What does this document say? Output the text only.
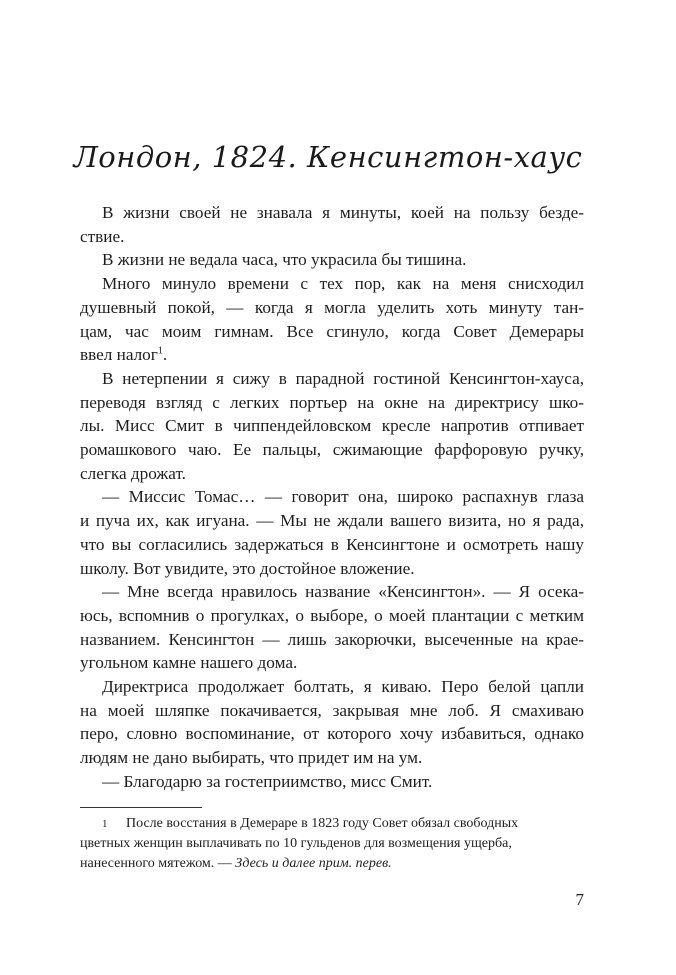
Лондон, 1824. Кенсингтон-хаус

В жизни своей не знавала я минуты, коей на пользу безде-
ствие.

В жизни не ведала часа, что украсила бы тишина.

Много минуло времени с тех пор, как на меня снисходил
душевный покой, — когда я могла уделить хоть минуту тан-
цам, час моим гимнам. Все сгинуло, когда Совет Демерары
ввел налог$^1$.

В нетерпении я сижу в парадной гостиной Кенсингтон-хауса,
переводя взгляд с легких портьер на окне на директрису шко-
лы. Мисс Смит в чиппендейловском кресле напротив отпивает
ромашкового чаю. Ее пальцы, сжимающие фарфоровую ручку,
слегка дрожат.

— Миссис Томас… — говорит она, широко распахнув глаза
и пуча их, как игуана. — Мы не ждали вашего визита, но я рада,
что вы согласились задержаться в Кенсингтоне и осмотреть нашу
школу. Вот увидите, это достойное вложение.

— Мне всегда нравилось название «Кенсингтон». — Я осека-
юсь, вспомнив о прогулках, о выборе, о моей плантации с метким
названием. Кенсингтон — лишь закорючки, высеченные на крае-
угольном камне нашего дома.

Директриса продолжает болтать, я киваю. Перо белой цапли
на моей шляпке покачивается, закрывая мне лоб. Я смахиваю
перо, словно воспоминание, от которого хочу избавиться, однако
людям не дано выбирать, что придет им на ум.

— Благодарю за гостеприимство, мисс Смит.

1 После восстания в Демераре в 1823 году Совет обязал свободных
цветных женщин выплачивать по 10 гульденов для возмещения ущерба,
нанесенного мятежом. — Здесь и далее прим. перев.
7
